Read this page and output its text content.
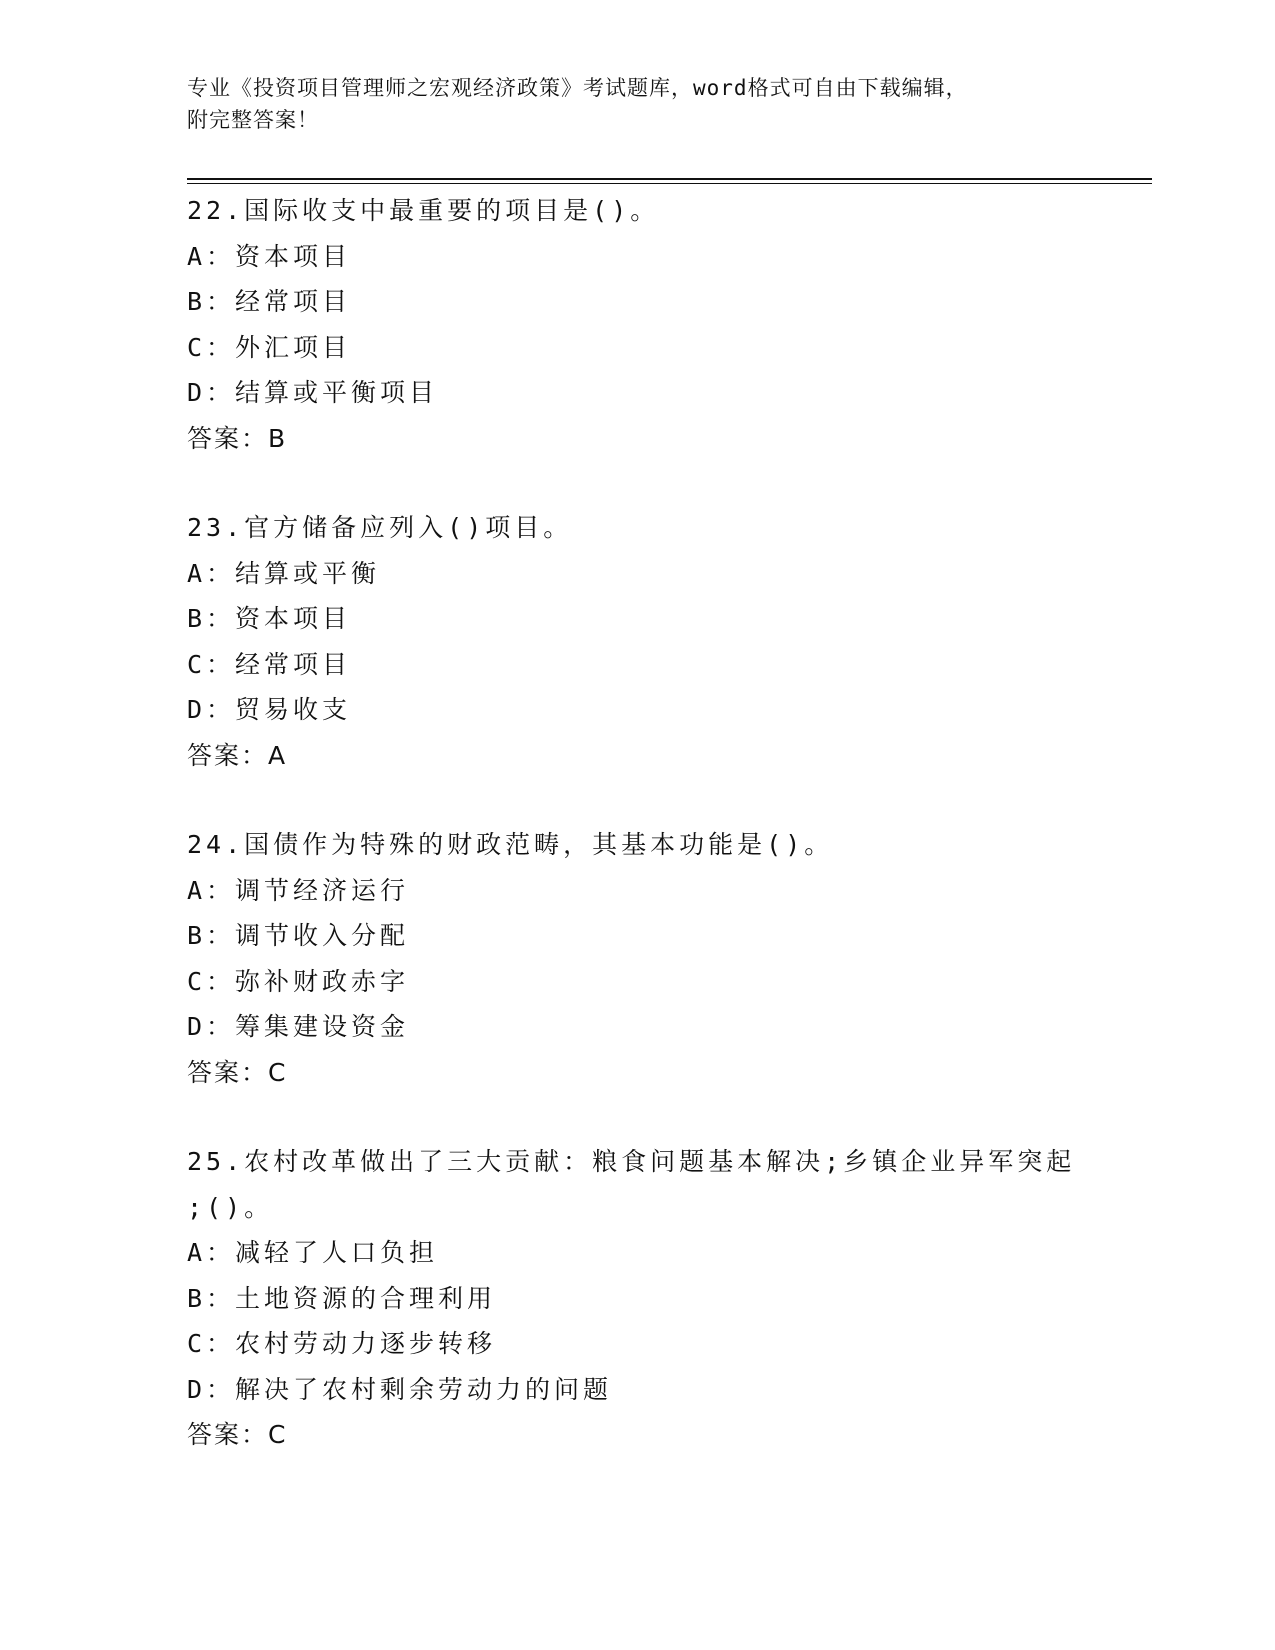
专业《投资项目管理师之宏观经济政策》考试题库，word格式可自由下载编辑，
附完整答案！
22.国际收支中最重要的项目是()。
A：资本项目
B：经常项目
C：外汇项目
D：结算或平衡项目
答案：B
23.官方储备应列入()项目。
A：结算或平衡
B：资本项目
C：经常项目
D：贸易收支
答案：A
24.国债作为特殊的财政范畴，其基本功能是()。
A：调节经济运行
B：调节收入分配
C：弥补财政赤字
D：筹集建设资金
答案：C
25.农村改革做出了三大贡献：粮食问题基本解决;乡镇企业异军突起
;()。
A：减轻了人口负担
B：土地资源的合理利用
C：农村劳动力逐步转移
D：解决了农村剩余劳动力的问题
答案：C
